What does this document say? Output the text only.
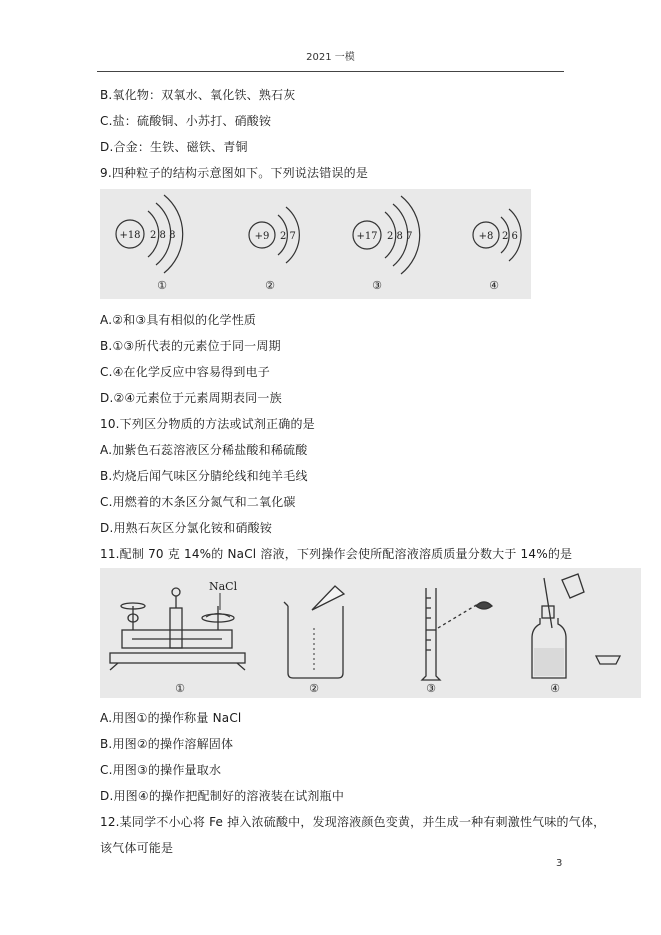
2021 一模
B.氧化物：双氧水、氧化铁、熟石灰
C.盐：硫酸铜、小苏打、硝酸铵
D.合金：生铁、磁铁、青铜
9.四种粒子的结构示意图如下。下列说法错误的是
+18 2 8 8	+9 2 7	+17 2 8 7	+8 2 6
①	②	③	④
A.②和③具有相似的化学性质
B.①③所代表的元素位于同一周期
C.④在化学反应中容易得到电子
D.②④元素位于元素周期表同一族
10.下列区分物质的方法或试剂正确的是
A.加紫色石蕊溶液区分稀盐酸和稀硫酸
B.灼烧后闻气味区分腈纶线和纯羊毛线
C.用燃着的木条区分氮气和二氧化碳
D.用熟石灰区分氯化铵和硝酸铵
11.配制 70 克 14%的 NaCl 溶液，下列操作会使所配溶液溶质质量分数大于 14%的是
NaCl
①	②	③	④
A.用图①的操作称量 NaCl
B.用图②的操作溶解固体
C.用图③的操作量取水
D.用图④的操作把配制好的溶液装在试剂瓶中
12.某同学不小心将 Fe 掉入浓硫酸中，发现溶液颜色变黄，并生成一种有刺激性气味的气体，
该气体可能是
3
